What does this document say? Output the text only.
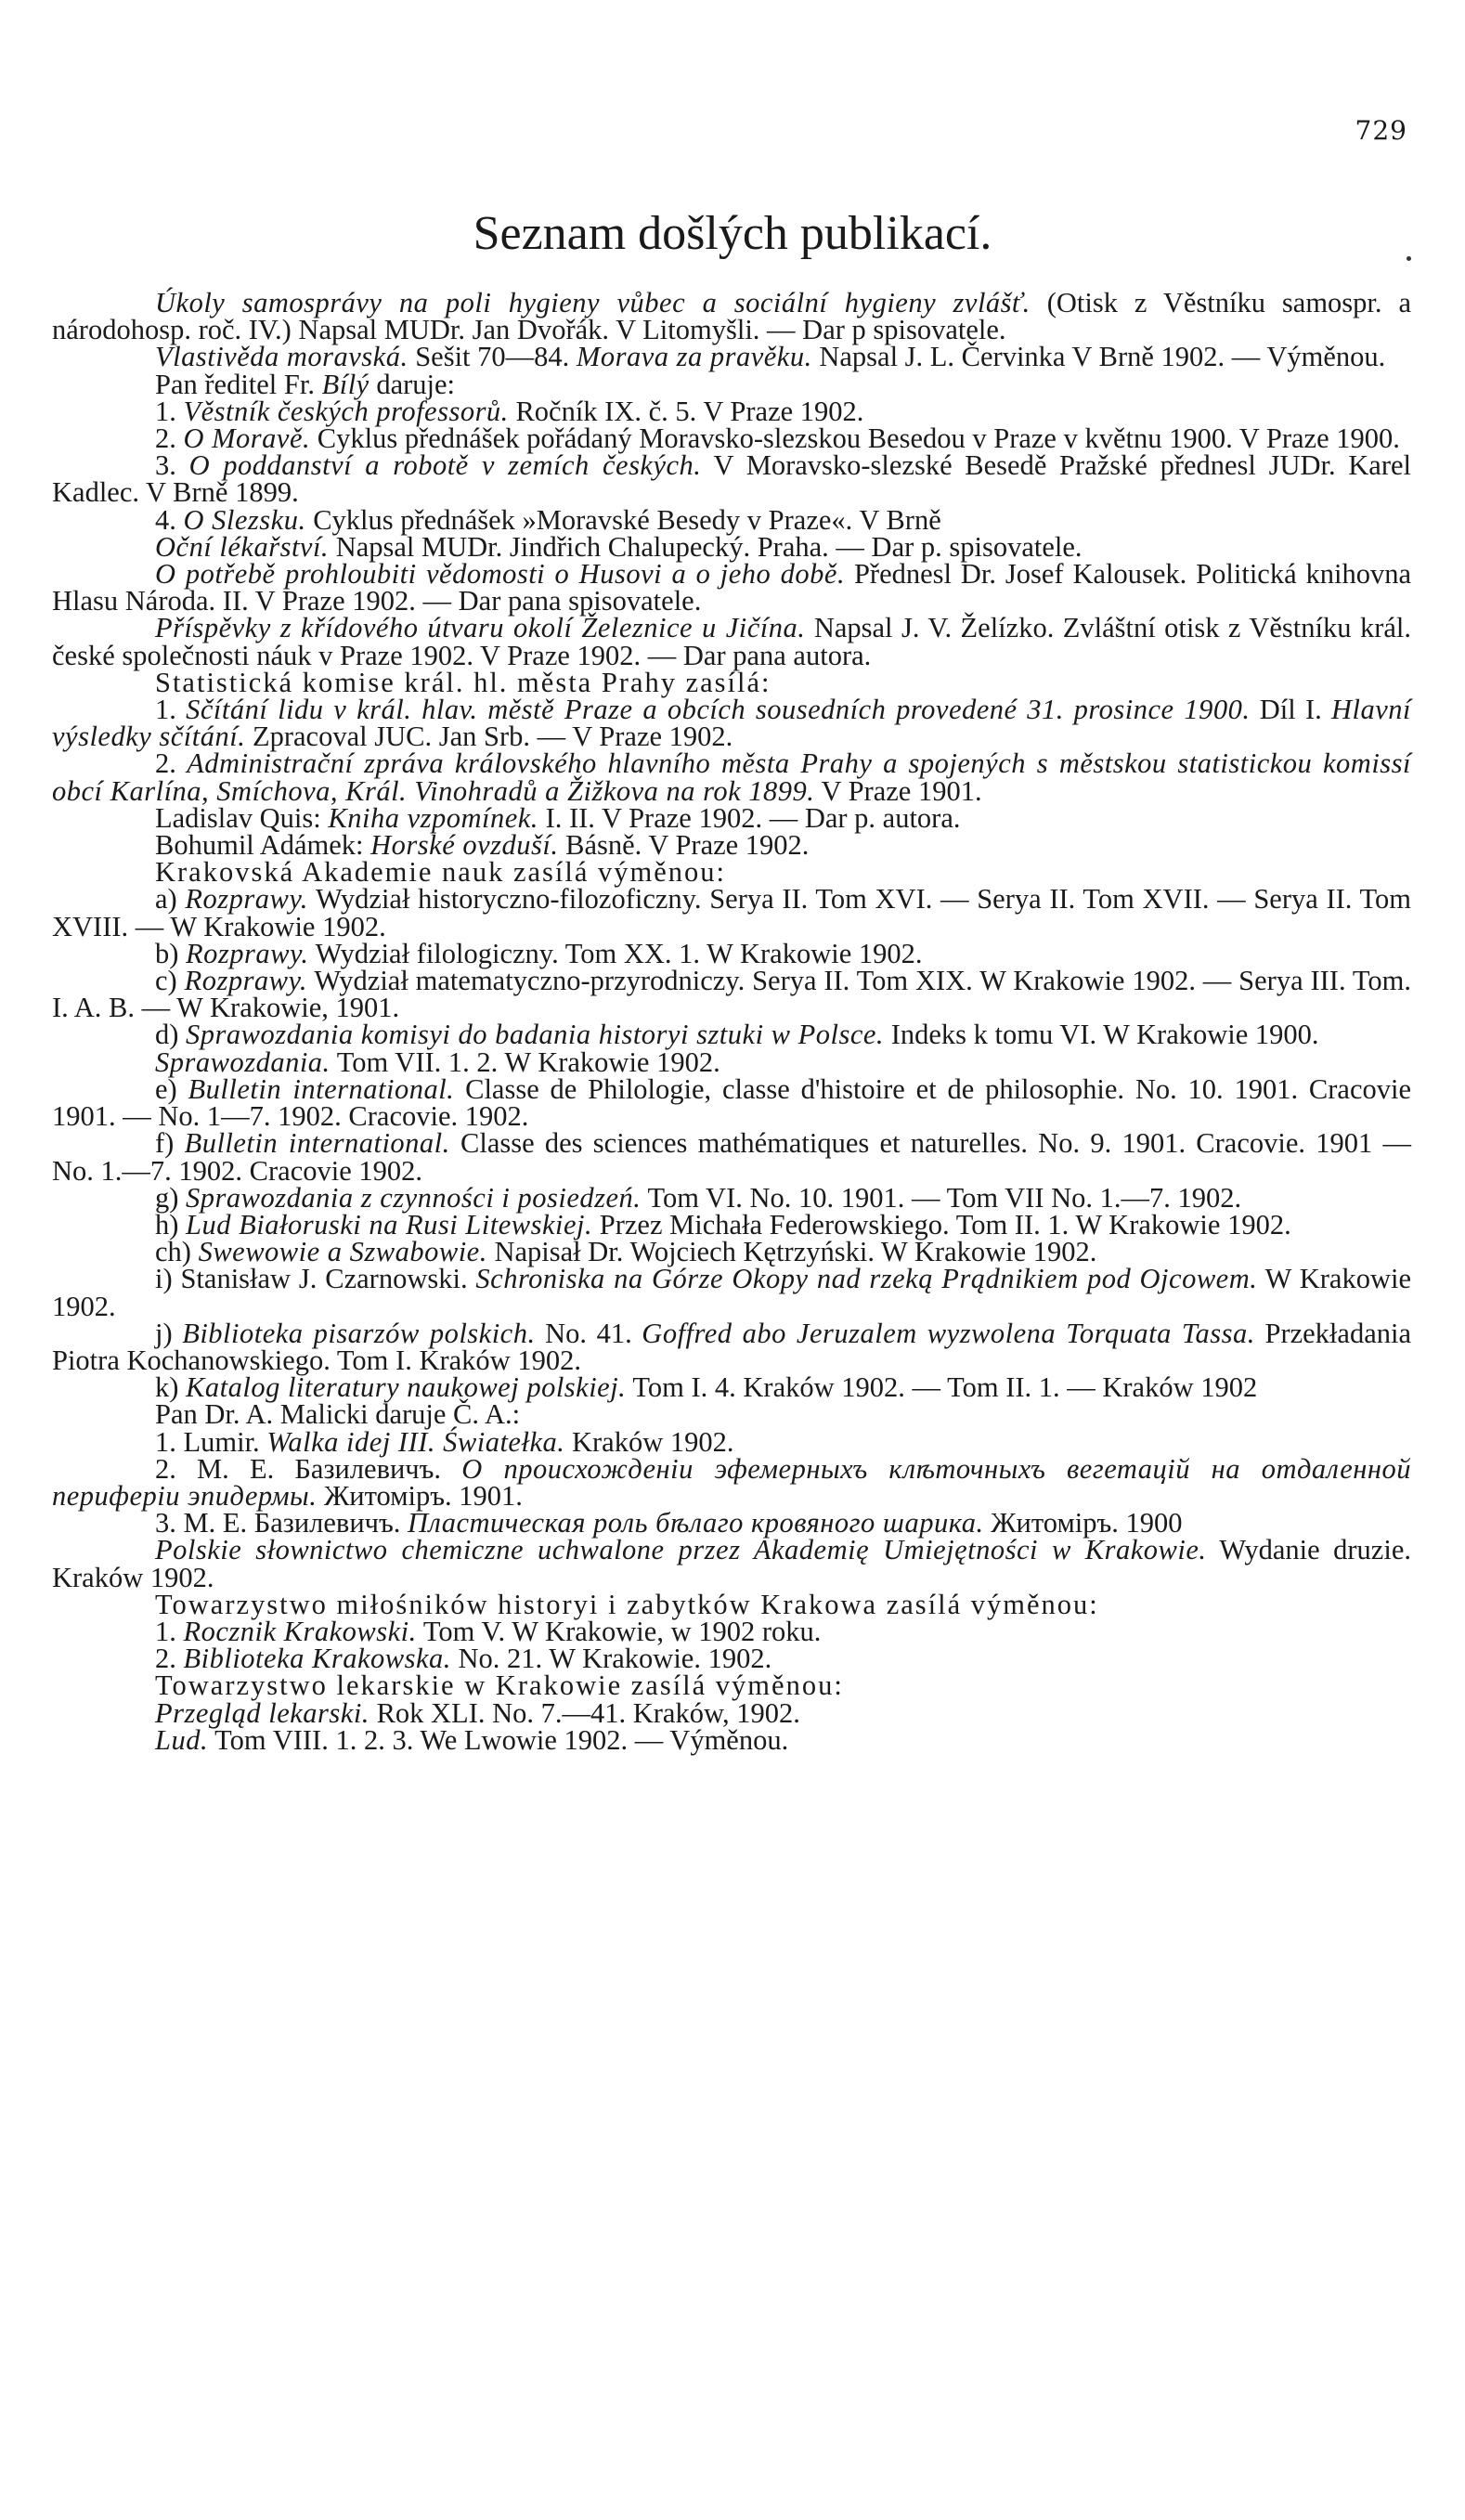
729
Seznam došlých publikací.

Úkoly samosprávy na poli hygieny vůbec a sociální hygieny zvlášť. (Otisk z Věstníku samospr. a národohosp. roč. IV.) Napsal MUDr. Jan Dvořák. V Litomyšli. — Dar p spisovatele.

Vlastivěda moravská. Sešit 70—84. Morava za pravěku. Napsal J. L. Červinka V Brně 1902. — Výměnou.

Pan ředitel Fr. Bílý daruje:

1. Věstník českých professorů. Ročník IX. č. 5. V Praze 1902.

2. O Moravě. Cyklus přednášek pořádaný Moravsko-slezskou Besedou v Praze v květnu 1900. V Praze 1900.

3. O poddanství a robotě v zemích českých. V Moravsko-slezské Besedě Pražské přednesl JUDr. Karel Kadlec. V Brně 1899.

4. O Slezsku. Cyklus přednášek »Moravské Besedy v Praze«. V Brně

Oční lékařství. Napsal MUDr. Jindřich Chalupecký. Praha. — Dar p. spisovatele.

O potřebě prohloubiti vědomosti o Husovi a o jeho době. Přednesl Dr. Josef Kalousek. Politická knihovna Hlasu Národa. II. V Praze 1902. — Dar pana spisovatele.

Příspěvky z křídového útvaru okolí Železnice u Jičína. Napsal J. V. Želízko. Zvláštní otisk z Věstníku král. české společnosti náuk v Praze 1902. V Praze 1902. — Dar pana autora.

Statistická komise král. hl. města Prahy zasílá:

1. Sčítání lidu v král. hlav. městě Praze a obcích sousedních provedené 31. prosince 1900. Díl I. Hlavní výsledky sčítání. Zpracoval JUC. Jan Srb. — V Praze 1902.

2. Administrační zpráva královského hlavního města Prahy a spojených s městskou statistickou komissí obcí Karlína, Smíchova, Král. Vinohradů a Žižkova na rok 1899. V Praze 1901.

Ladislav Quis: Kniha vzpomínek. I. II. V Praze 1902. — Dar p. autora.

Bohumil Adámek: Horské ovzduší. Básně. V Praze 1902.

Krakovská Akademie nauk zasílá výměnou:

a) Rozprawy. Wydział historyczno-filozoficzny. Serya II. Tom XVI. — Serya II. Tom XVII. — Serya II. Tom XVIII. — W Krakowie 1902.

b) Rozprawy. Wydział filologiczny. Tom XX. 1. W Krakowie 1902.

c) Rozprawy. Wydział matematyczno-przyrodniczy. Serya II. Tom XIX. W Krakowie 1902. — Serya III. Tom. I. A. B. — W Krakowie, 1901.

d) Sprawozdania komisyi do badania historyi sztuki w Polsce. Indeks k tomu VI. W Krakowie 1900.

Sprawozdania. Tom VII. 1. 2. W Krakowie 1902.

e) Bulletin international. Classe de Philologie, classe d'histoire et de philosophie. No. 10. 1901. Cracovie 1901. — No. 1—7. 1902. Cracovie. 1902.

f) Bulletin international. Classe des sciences mathématiques et naturelles. No. 9. 1901. Cracovie. 1901 — No. 1.—7. 1902. Cracovie 1902.

g) Sprawozdania z czynności i posiedzeń. Tom VI. No. 10. 1901. — Tom VII No. 1.—7. 1902.

h) Lud Białoruski na Rusi Litewskiej. Przez Michała Federowskiego. Tom II. 1. W Krakowie 1902.

ch) Swewowie a Szwabowie. Napisał Dr. Wojciech Kętrzyński. W Krakowie 1902.

i) Stanisław J. Czarnowski. Schroniska na Górze Okopy nad rzeką Prądnikiem pod Ojcowem. W Krakowie 1902.

j) Biblioteka pisarzów polskich. No. 41. Goffred abo Jeruzalem wyzwolena Torquata Tassa. Przekładania Piotra Kochanowskiego. Tom I. Kraków 1902.

k) Katalog literatury naukowej polskiej. Tom I. 4. Kraków 1902. — Tom II. 1. — Kraków 1902

Pan Dr. A. Malicki daruje Č. A.:

1. Lumir. Walka idej III. Światełka. Kraków 1902.

2. М. Е. Базилевичъ. О происхожденіи эфемерныхъ клѣточныхъ вегетацій на отдаленной периферіи эпидермы. Житоміръ. 1901.

3. М. Е. Базилевичъ. Пластическая роль бѣлаго кровяного шарика. Житоміръ. 1900

Polskie słownictwo chemiczne uchwalone przez Akademię Umiejętności w Krakowie. Wydanie druzie. Kraków 1902.

Towarzystwo miłośników historyi i zabytków Krakowa zasílá výměnou:

1. Rocznik Krakowski. Tom V. W Krakowie, w 1902 roku.

2. Biblioteka Krakowska. No. 21. W Krakowie. 1902.

Towarzystwo lekarskie w Krakowie zasílá výměnou:

Przegląd lekarski. Rok XLI. No. 7.—41. Kraków, 1902.

Lud. Tom VIII. 1. 2. 3. We Lwowie 1902. — Výměnou.
